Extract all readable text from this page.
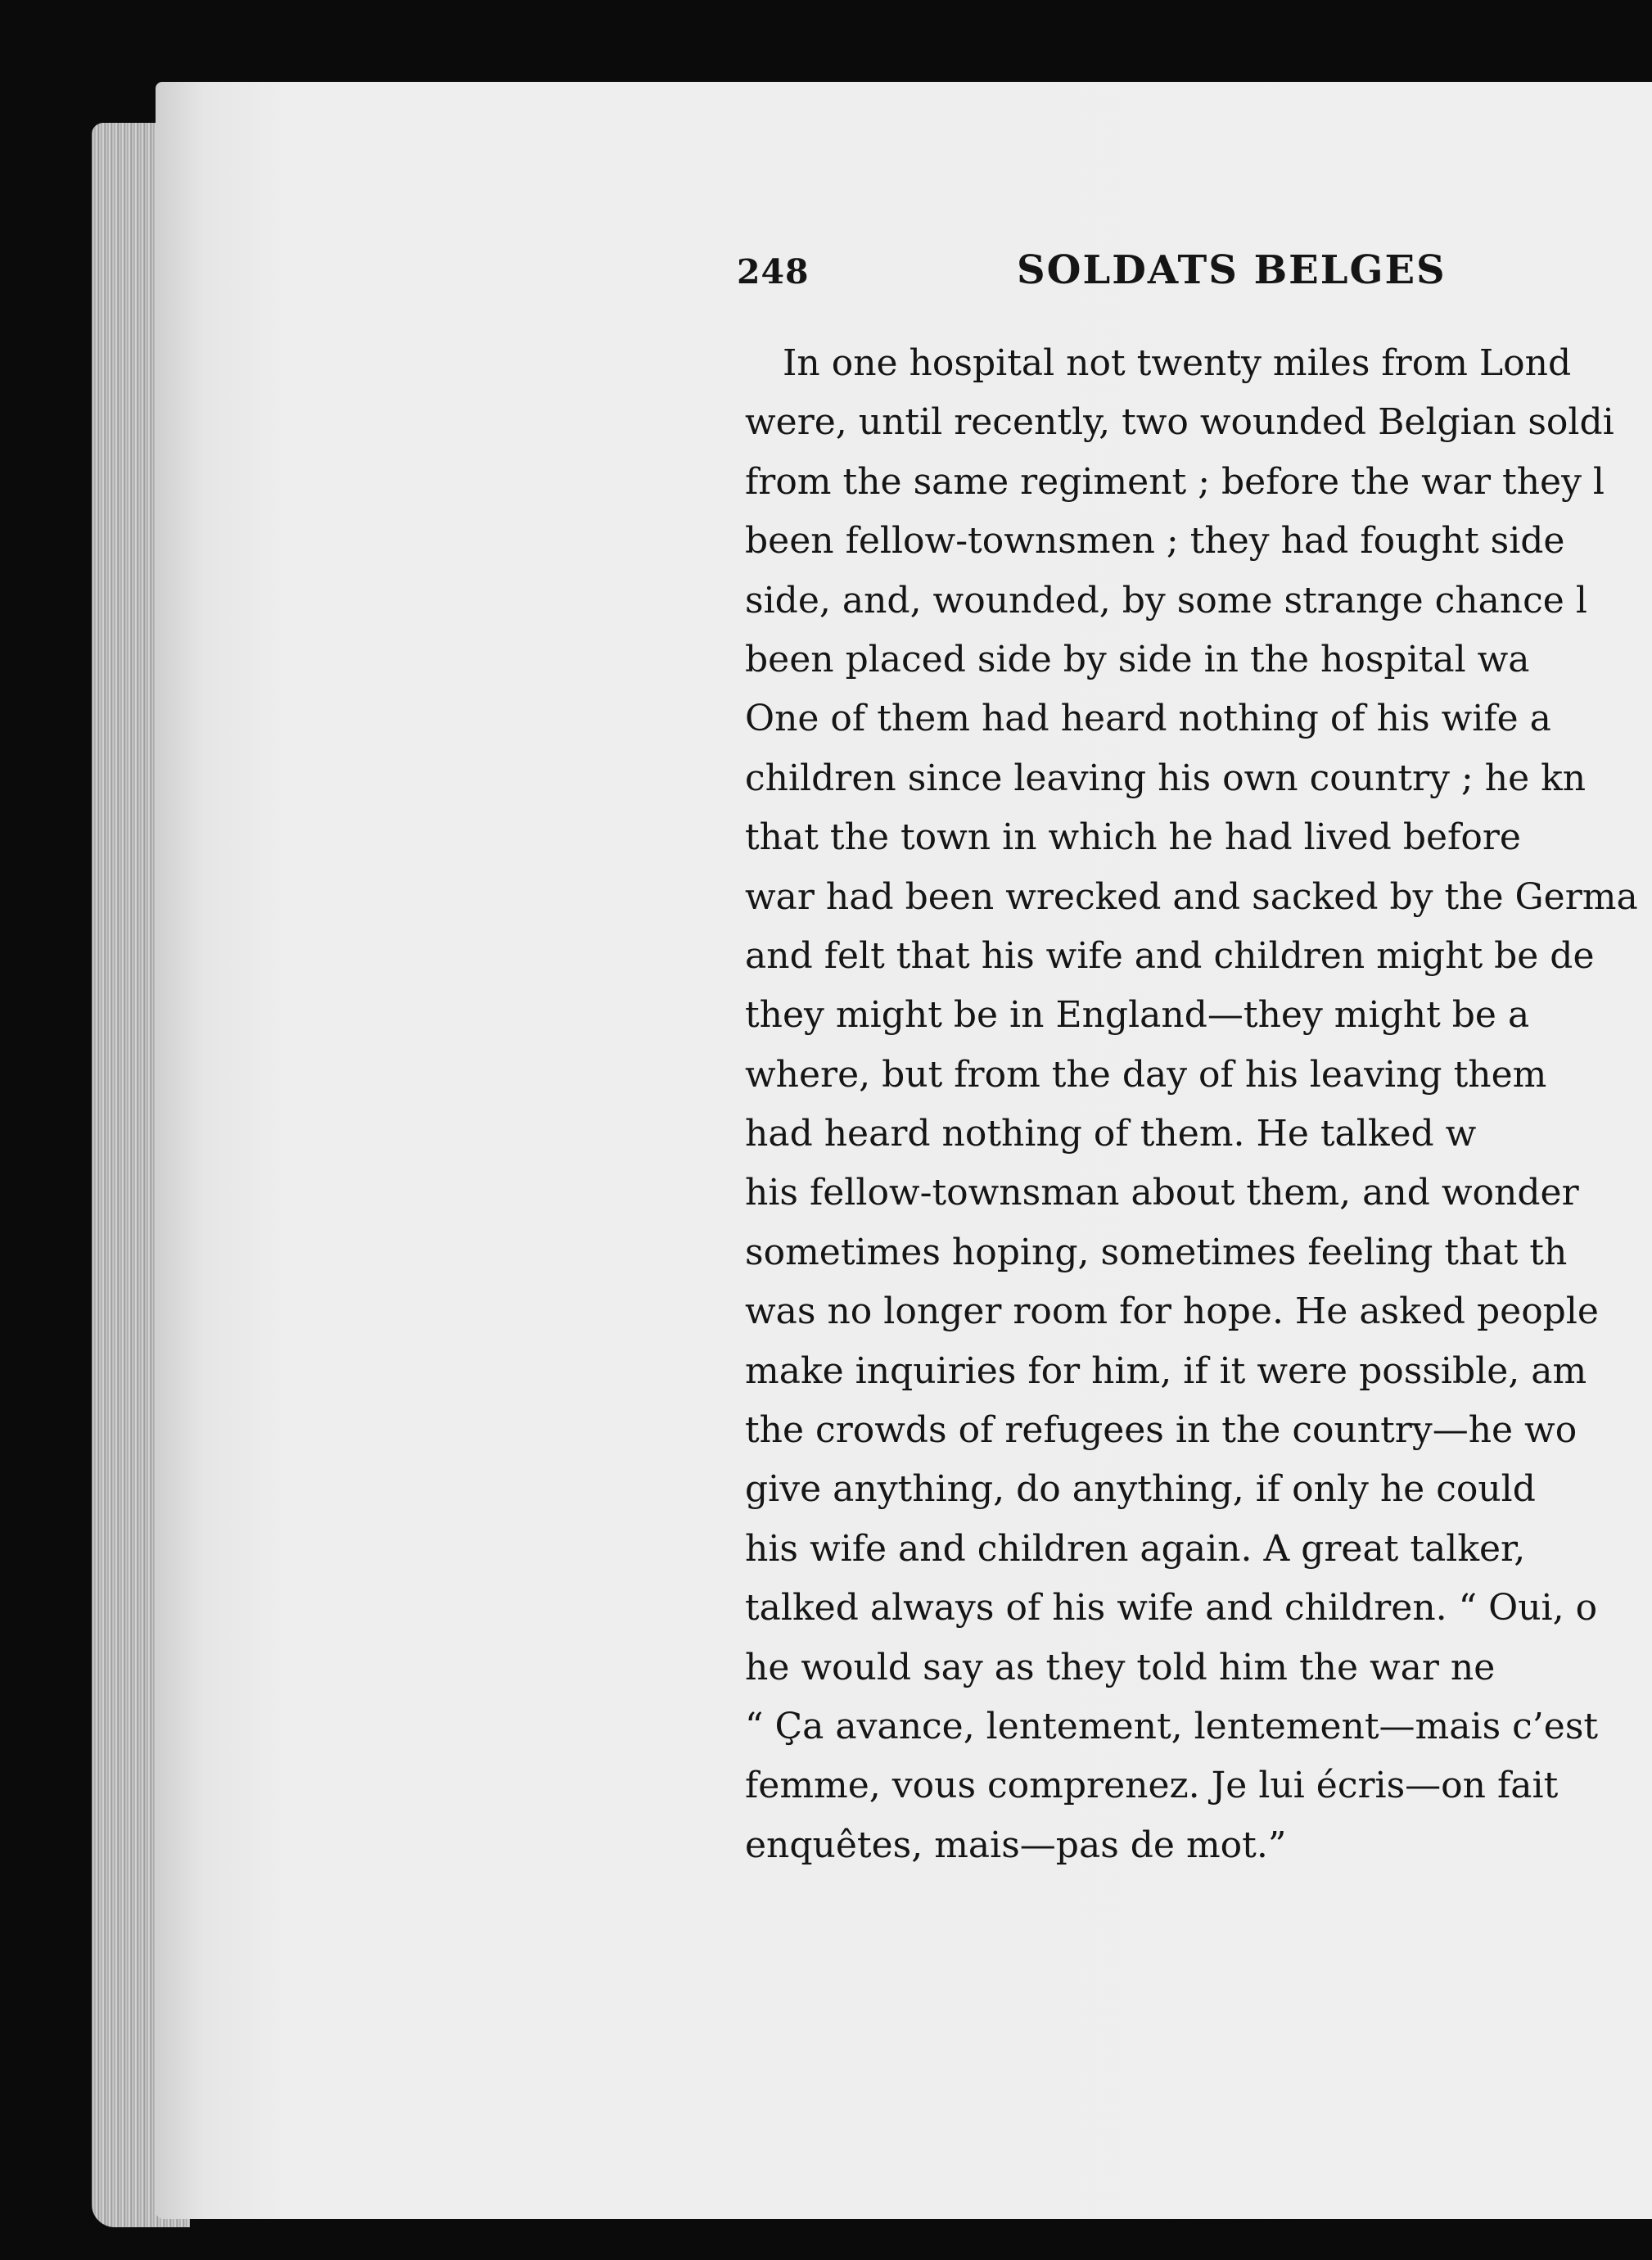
248	SOLDATS BELGES
In one hospital not twenty miles from Lond
were, until recently, two wounded Belgian soldi
from the same regiment ; before the war they l
been fellow-townsmen ; they had fought side
side, and, wounded, by some strange chance l
been placed side by side in the hospital wa
One of them had heard nothing of his wife a
children since leaving his own country ; he kn
that the town in which he had lived before
war had been wrecked and sacked by the Germa
and felt that his wife and children might be de
they might be in England—they might be a
where, but from the day of his leaving them
had heard nothing of them. He talked w
his fellow-townsman about them, and wonder
sometimes hoping, sometimes feeling that th
was no longer room for hope. He asked people
make inquiries for him, if it were possible, am
the crowds of refugees in the country—he wo
give anything, do anything, if only he could
his wife and children again. A great talker,
talked always of his wife and children. “ Oui, o
he would say as they told him the war ne
“ Ça avance, lentement, lentement—mais c’est
femme, vous comprenez. Je lui écris—on fait
enquêtes, mais—pas de mot.”
